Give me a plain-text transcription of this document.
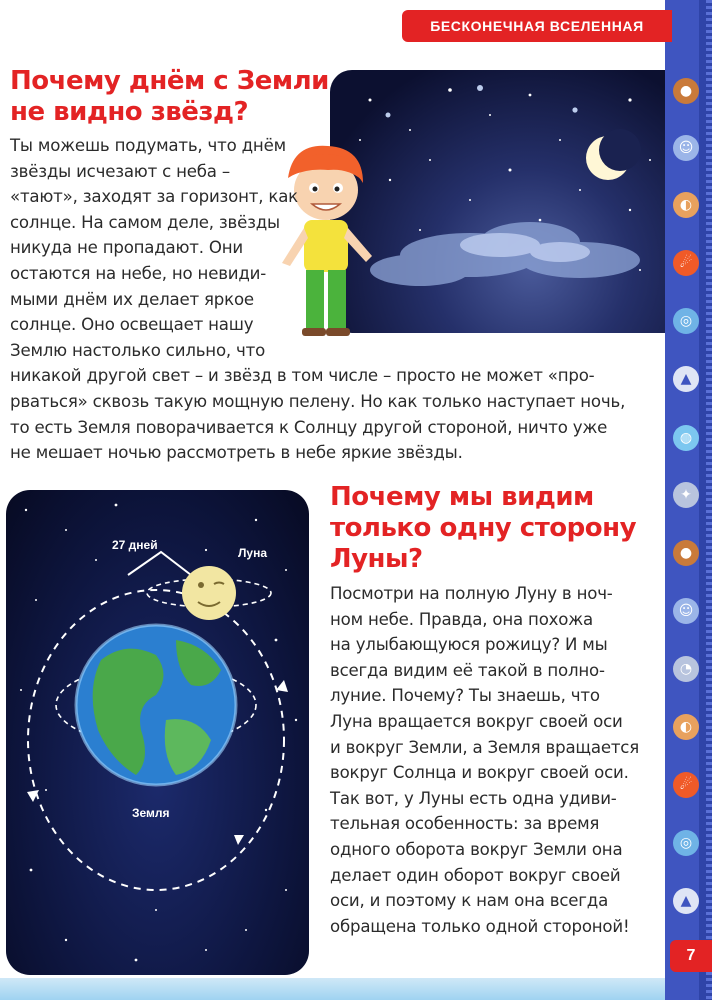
●
☺
◐
☄
◎
▲
◍
✦
●
☺
◔
◐
☄
◎
▲
БЕСКОНЕЧНАЯ ВСЕЛЕННАЯ
Почему днём с Земли
не видно звёзд?
Ты можешь подумать, что днём
звёзды исчезают с неба –
«тают», заходят за горизонт, как
солнце. На самом деле, звёзды
никуда не пропадают. Они
остаются на небе, но невиди-
мыми днём их делает яркое
солнце. Оно освещает нашу
Землю настолько сильно, что
никакой другой свет – и звёзд в том числе – просто не может «про-
рваться» сквозь такую мощную пелену. Но как только наступает ночь,
то есть Земля поворачивается к Солнцу другой стороной, ничто уже
не мешает ночью рассмотреть в небе яркие звёзды.
27 дней
Луна
Земля
Почему мы видим
только одну сторону
Луны?
Посмотри на полную Луну в ноч-
ном небе. Правда, она похожа
на улыбающуюся рожицу? И мы
всегда видим её такой в полно-
луние. Почему? Ты знаешь, что
Луна вращается вокруг своей оси
и вокруг Земли, а Земля вращается
вокруг Солнца и вокруг своей оси.
Так вот, у Луны есть одна удиви-
тельная особенность: за время
одного оборота вокруг Земли она
делает один оборот вокруг своей
оси, и поэтому к нам она всегда
обращена только одной стороной!
7
